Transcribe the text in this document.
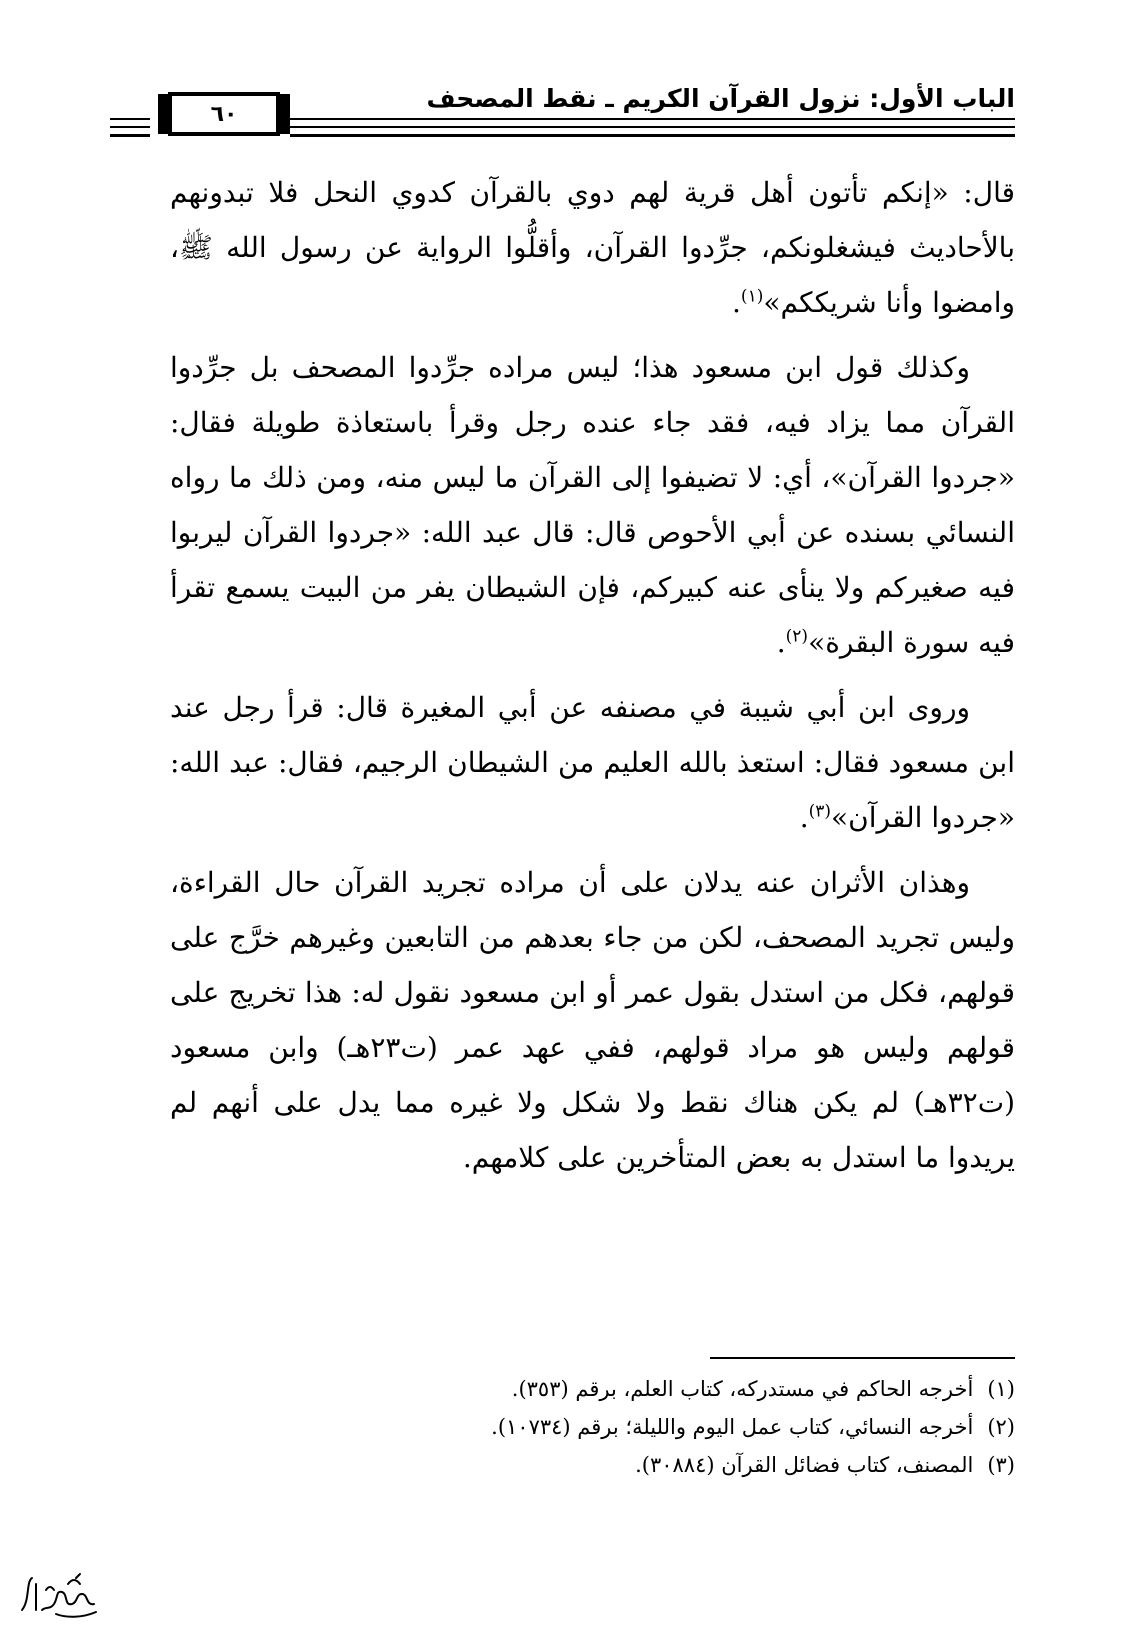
الباب الأول: نزول القرآن الكريم ـ نقط المصحف
٦٠

قال: «إنكم تأتون أهل قرية لهم دوي بالقرآن كدوي النحل فلا تبدونهم بالأحاديث فيشغلونكم، جرِّدوا القرآن، وأقلُّوا الرواية عن رسول الله ﷺ، وامضوا وأنا شريككم»$^{(١)}$.

وكذلك قول ابن مسعود هذا؛ ليس مراده جرِّدوا المصحف بل جرِّدوا القرآن مما يزاد فيه، فقد جاء عنده رجل وقرأ باستعاذة طويلة فقال: «جردوا القرآن»، أي: لا تضيفوا إلى القرآن ما ليس منه، ومن ذلك ما رواه النسائي بسنده عن أبي الأحوص قال: قال عبد الله: «جردوا القرآن ليربوا فيه صغيركم ولا ينأى عنه كبيركم، فإن الشيطان يفر من البيت يسمع تقرأ فيه سورة البقرة»$^{(٢)}$.

وروى ابن أبي شيبة في مصنفه عن أبي المغيرة قال: قرأ رجل عند ابن مسعود فقال: استعذ بالله العليم من الشيطان الرجيم، فقال: عبد الله: «جردوا القرآن»$^{(٣)}$.

وهذان الأثران عنه يدلان على أن مراده تجريد القرآن حال القراءة، وليس تجريد المصحف، لكن من جاء بعدهم من التابعين وغيرهم خرَّج على قولهم، فكل من استدل بقول عمر أو ابن مسعود نقول له: هذا تخريج على قولهم وليس هو مراد قولهم، ففي عهد عمر (ت٢٣هـ) وابن مسعود (ت٣٢هـ) لم يكن هناك نقط ولا شكل ولا غيره مما يدل على أنهم لم يريدوا ما استدل به بعض المتأخرين على كلامهم.

(١)أخرجه الحاكم في مستدركه، كتاب العلم، برقم (٣٥٣).
(٢)أخرجه النسائي، كتاب عمل اليوم والليلة؛ برقم (١٠٧٣٤).
(٣)المصنف، كتاب فضائل القرآن (٣٠٨٨٤).
